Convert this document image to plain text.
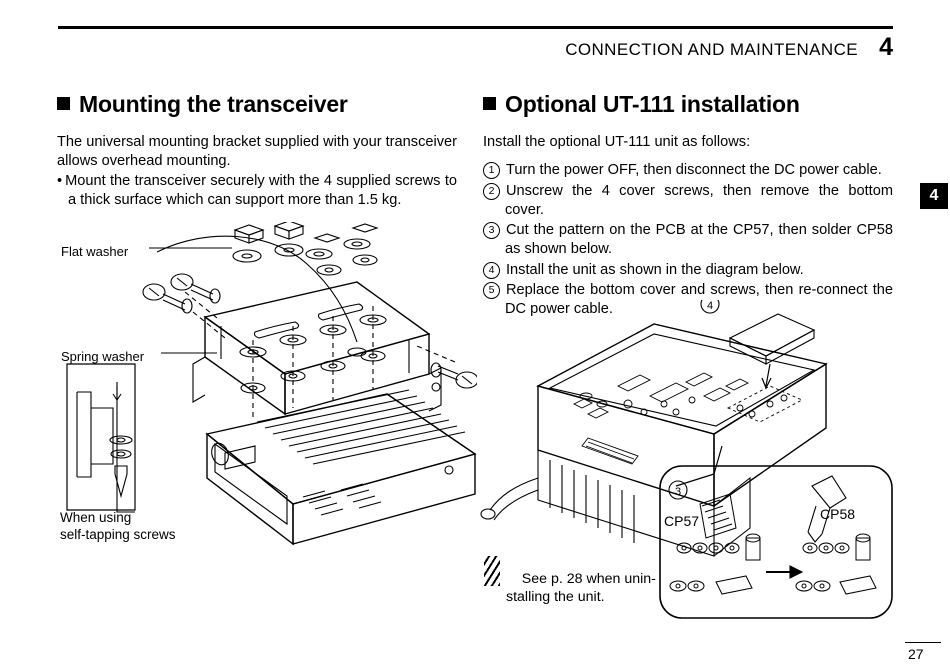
CONNECTION AND MAINTENANCE 4
4
Mounting the transceiver

The universal mounting bracket supplied with your transceiver allows overhead mounting.

• Mount the transceiver securely with the 4 supplied screws to a thick surface which can support more than 1.5 kg.

Flat washer
Spring washer
When using
self-tapping screws
Optional UT-111 installation

Install the optional UT-111 unit as follows:

1 Turn the power OFF, then disconnect the DC power cable.
2 Unscrew the 4 cover screws, then remove the bottom cover.
3 Cut the pattern on the PCB at the CP57, then solder CP58 as shown below.
4 Install the unit as shown in the diagram below.
5 Replace the bottom cover and screws, then re-connect the DC power cable.	4
3
CP57	CP58

See p. 28 when unin-
stalling the unit.

27
